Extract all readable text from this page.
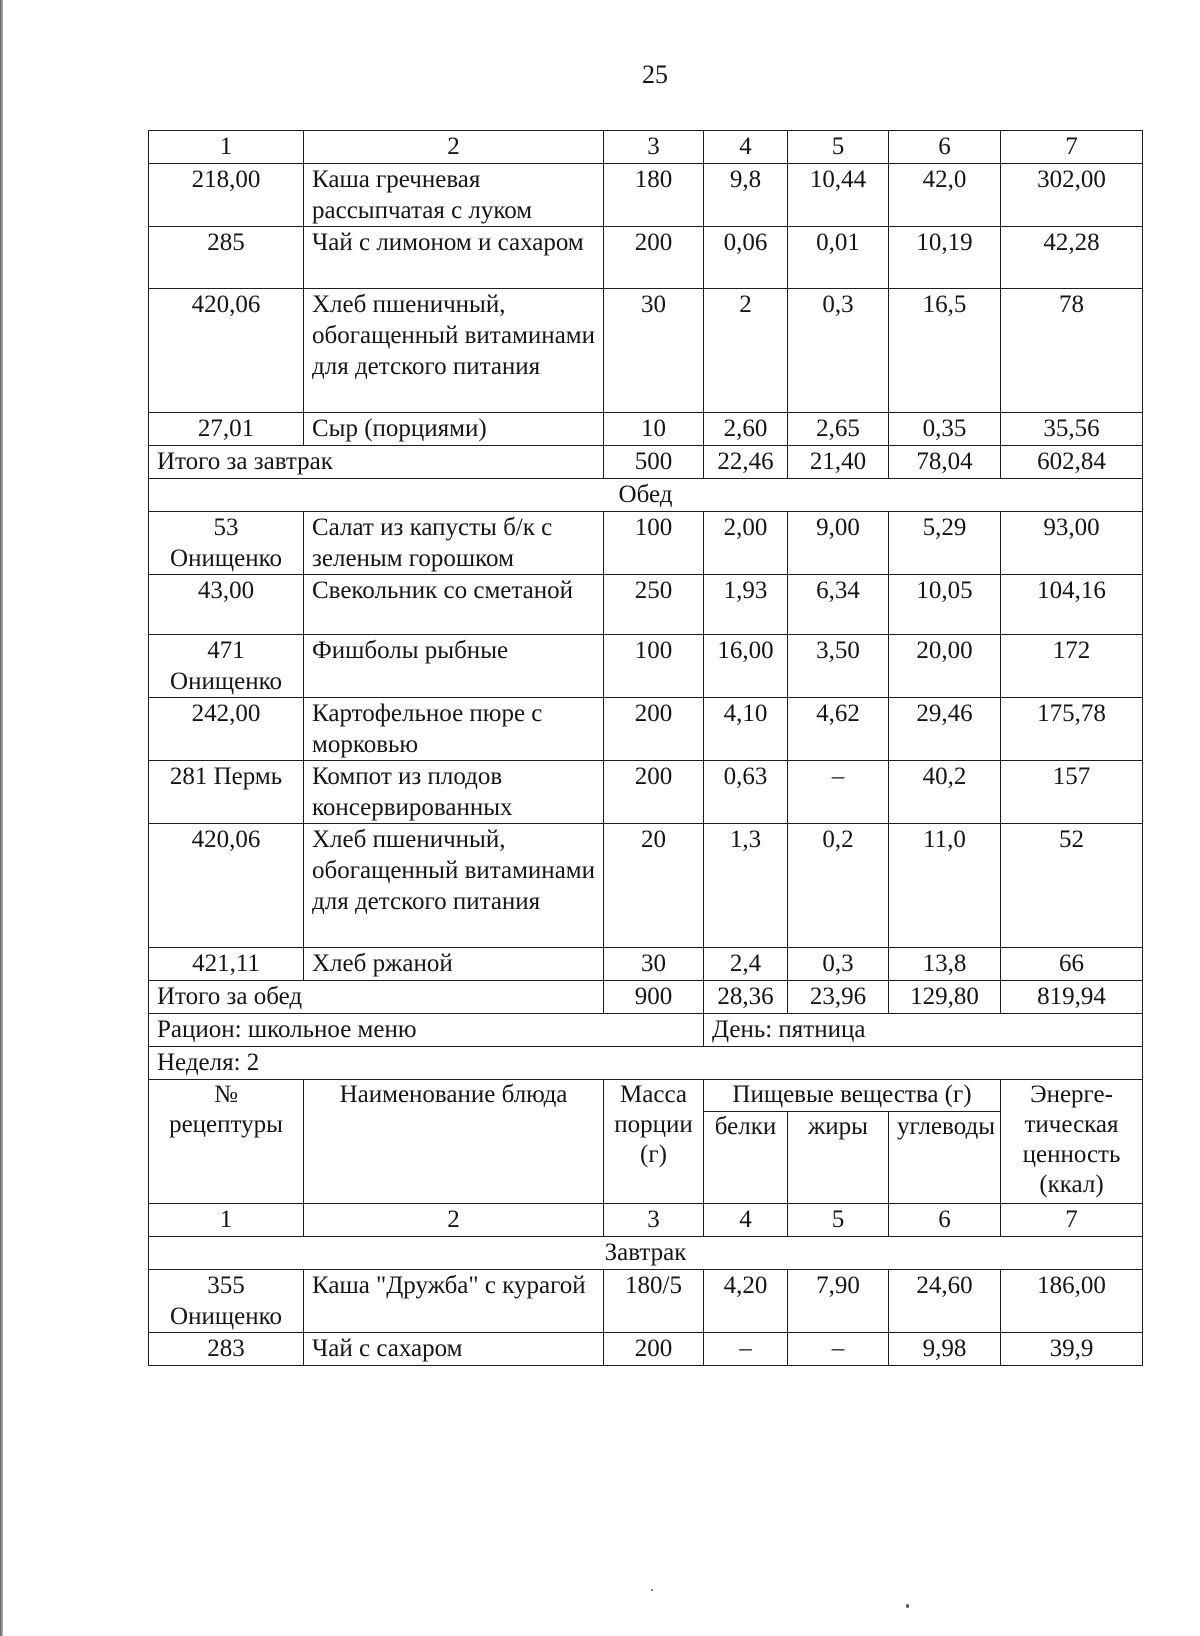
25
1	2	3	4	5	6	7
218,00	Каша гречневая рассыпчатая с луком	180	9,8	10,44	42,0	302,00
285	Чай с лимоном и сахаром	200	0,06	0,01	10,19	42,28
420,06	Хлеб пшеничный, обогащенный витаминами для детского питания	30	2	0,3	16,5	78
27,01	Сыр (порциями)	10	2,60	2,65	0,35	35,56
Итого за завтрак		500	22,46	21,40	78,04	602,84
Обед						
53 Онищенко	Салат из капусты б/к с зеленым горошком	100	2,00	9,00	5,29	93,00
43,00	Свекольник со сметаной	250	1,93	6,34	10,05	104,16
471 Онищенко	Фишболы рыбные	100	16,00	3,50	20,00	172
242,00	Картофельное пюре с морковью	200	4,10	4,62	29,46	175,78
281 Пермь	Компот из плодов консервированных	200	0,63	–	40,2	157
420,06	Хлеб пшеничный, обогащенный витаминами для детского питания	20	1,3	0,2	11,0	52
421,11	Хлеб ржаной	30	2,4	0,3	13,8	66
Итого за обед		900	28,36	23,96	129,80	819,94
Рацион: школьное меню			День: пятница			
Неделя: 2						
№ рецептуры	Наименование блюда	Масса порции (г)	Пищевые вещества (г)			Энерге-тическая ценность (ккал)
			белки	жиры	углеводы	
1	2	3	4	5	6	7
Завтрак						
355 Онищенко	Каша "Дружба" с курагой	180/5	4,20	7,90	24,60	186,00
283	Чай с сахаром	200	–	–	9,98	39,9
